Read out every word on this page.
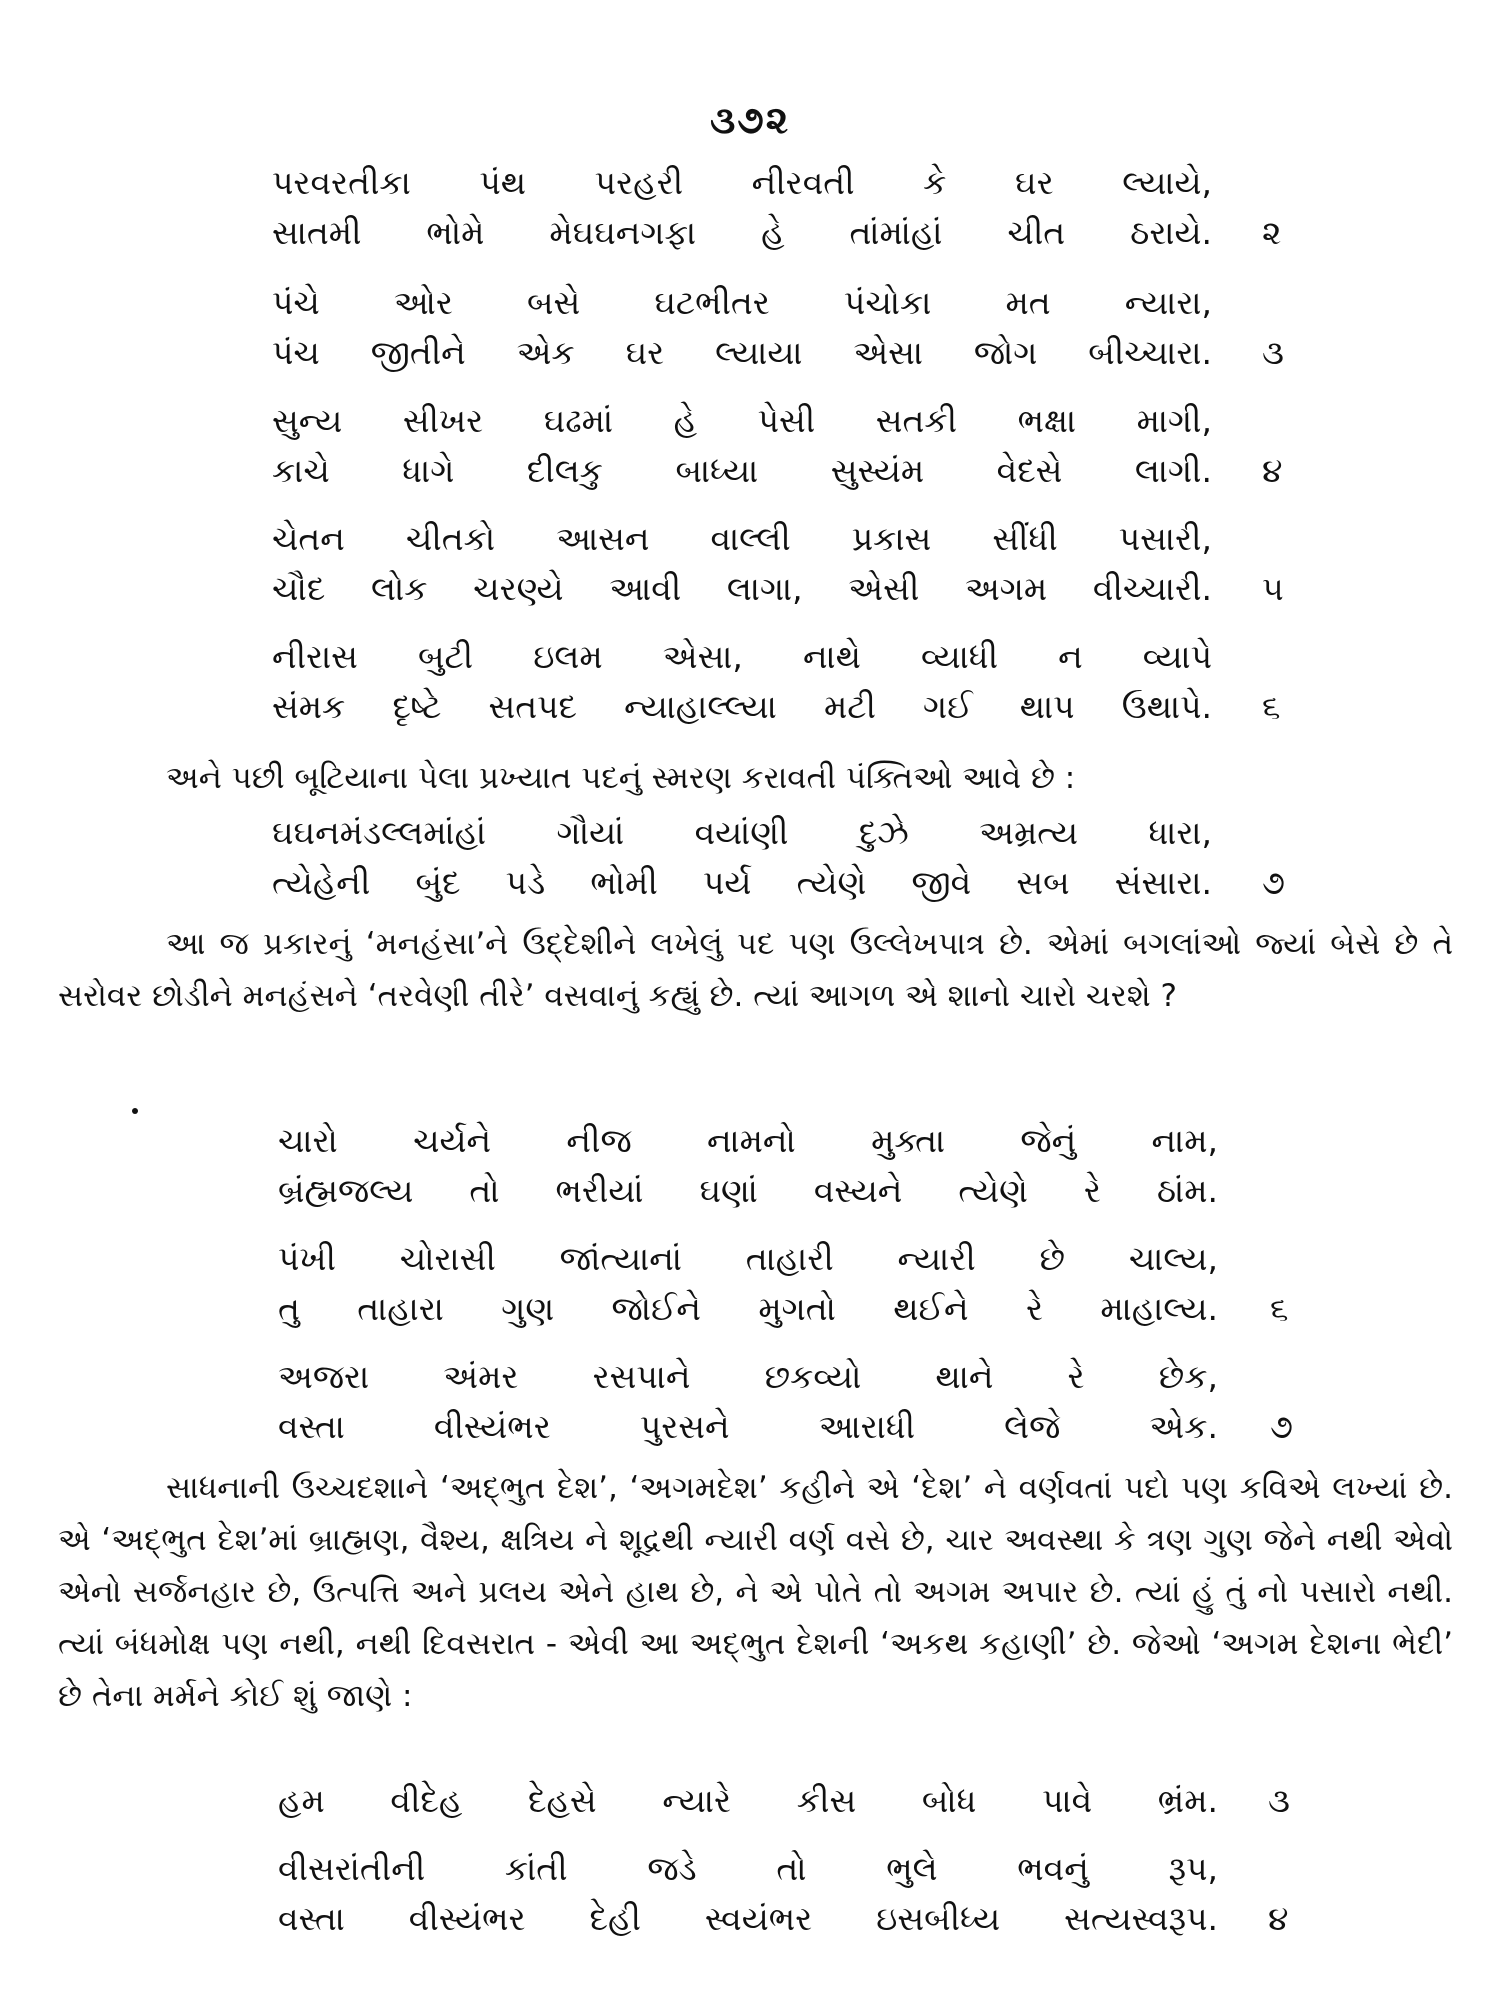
૩૭૨
પરવરતીકા પંથ પરહરી નીરવતી કે ઘર લ્યાયે,
સાતમી ભોમે મેઘઘનગફા હે તાંમાંહાં ચીત ઠરાયે. ૨
પંચે ઓર બસે ઘટભીતર પંચોકા મત ન્યારા,
પંચ જીતીને એક ઘર લ્યાયા એસા જોગ બીચ્ચારા. ૩
સુન્ય સીખર ઘઢમાં હે પેસી સતકી ભક્ષા માગી,
કાચે ધાગે દીલકુ બાધ્યા સુસ્યંમ વેદસે લાગી. ૪
ચેતન ચીતકો આસન વાલ્લી પ્રકાસ સીંધી પસારી,
ચૌદ લોક ચરણ્યે આવી લાગા, એસી અગમ વીચ્ચારી. ૫
નીરાસ બુટી ઇલમ એસા, નાથે વ્યાધી ન વ્યાપે
સંમક દૃષ્ટે સતપદ ન્યાહાલ્લ્યા મટી ગઈ થાપ ઉથાપે. ૬
અને પછી બૂટિયાના પેલા પ્રખ્યાત પદનું સ્મરણ કરાવતી પંક્તિઓ આવે છે :
ઘઘનમંડલ્લમાંહાં ગૌયાં વયાંણી દુઝે અમ્રત્ય ધારા,
ત્યેહેની બુંદ પડે ભોમી પર્ય ત્યેણે જીવે સબ સંસારા. ૭
આ જ પ્રકારનું ‘મનહંસા’ને ઉદ્દેશીને લખેલું પદ પણ ઉલ્લેખપાત્ર છે. એમાં બગલાંઓ જ્યાં બેસે છે તે સરોવર છોડીને મનહંસને ‘તરવેણી તીરે’ વસવાનું કહ્યું છે. ત્યાં આગળ એ શાનો ચારો ચરશે ?
ચારો ચર્યને નીજ નામનો મુક્તા જેનું નામ,
બ્રંહ્મજલ્ય તો ભરીયાં ઘણાં વસ્યને ત્યેણે રે ઠાંમ.
પંખી ચોરાસી જાંત્યાનાં તાહારી ન્યારી છે ચાલ્ય,
તુ તાહારા ગુણ જોઈને મુગતો થઈને રે માહાલ્ય. ૬
અજરા અંમર રસપાને છકવ્યો થાને રે છેક,
વસ્તા વીસ્યંભર પુરસને આરાધી લેજે એક. ૭
સાધનાની ઉચ્ચદશાને ‘અદ્ભુત દેશ’, ‘અગમદેશ’ કહીને એ ‘દેશ’ ને વર્ણવતાં પદો પણ કવિએ લખ્યાં છે. એ ‘અદ્ભુત દેશ’માં બ્રાહ્મણ, વૈશ્ય, ક્ષત્રિય ને શૂદ્રથી ન્યારી વર્ણ વસે છે, ચાર અવસ્થા કે ત્રણ ગુણ જેને નથી એવો એનો સર્જનહાર છે, ઉત્પત્તિ અને પ્રલય એને હાથ છે, ને એ પોતે તો અગમ અપાર છે. ત્યાં હું તું નો પસારો નથી. ત્યાં બંધમોક્ષ પણ નથી, નથી દિવસરાત - એવી આ અદ્ભુત દેશની ‘અકથ કહાણી’ છે. જેઓ ‘અગમ દેશના ભેદી’ છે તેના મર્મને કોઈ શું જાણે :
હમ વીદેહ દેહસે ન્યારે કીસ બોધ પાવે ભ્રંમ. ૩
વીસરાંતીની કાંતી જડે તો ભુલે ભવનું રૂપ,
વસ્તા વીસ્યંભર દેહી સ્વયંભર ઇસબીધ્ય સત્યસ્વરૂપ. ૪
